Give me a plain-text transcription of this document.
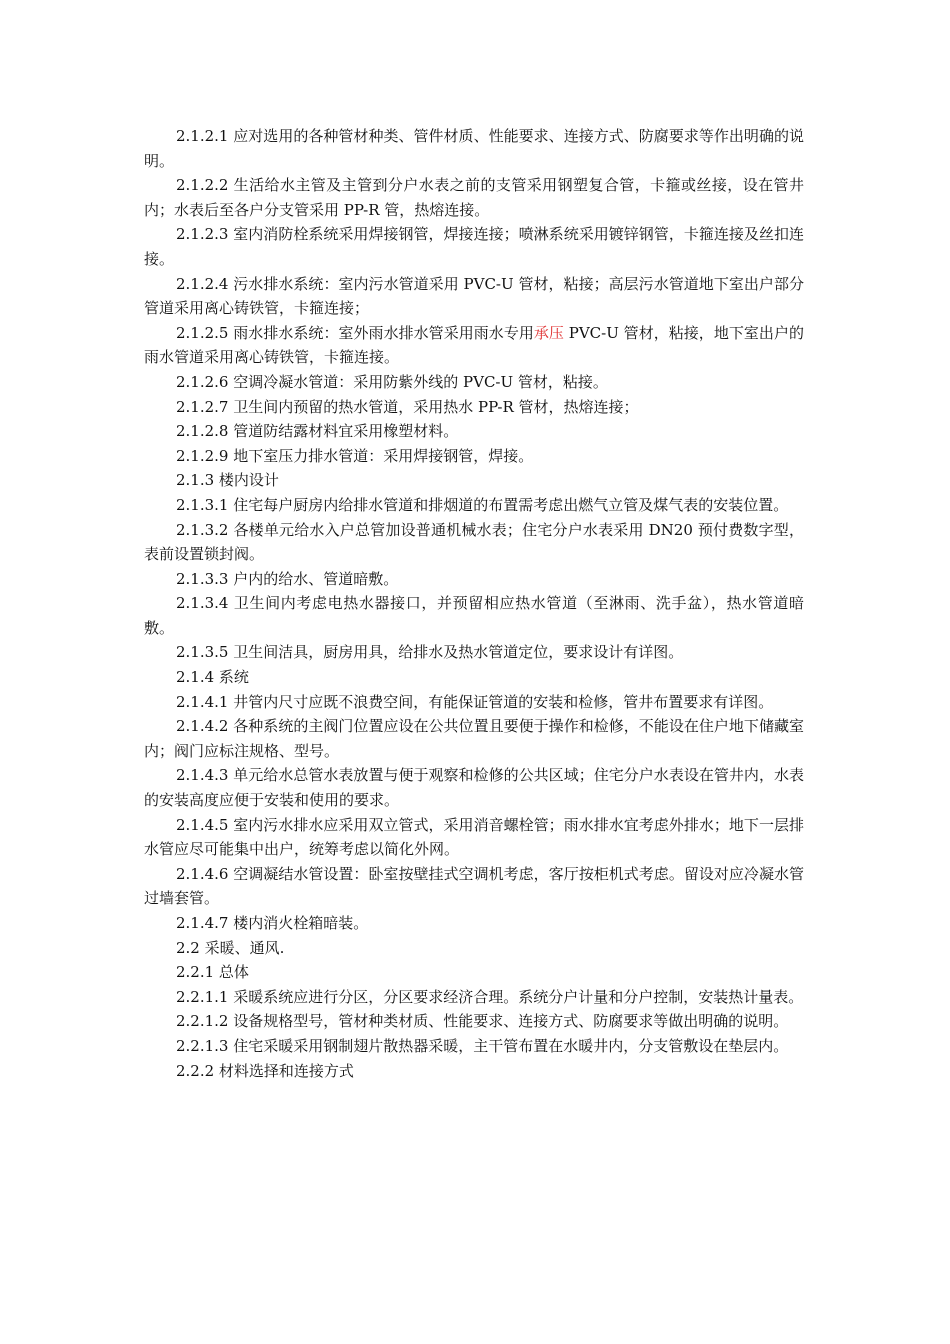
2.1.2.1 应对选用的各种管材种类、管件材质、性能要求、连接方式、防腐要求等作出明确的说明。

2.1.2.2 生活给水主管及主管到分户水表之前的支管采用钢塑复合管，卡箍或丝接，设在管井内；水表后至各户分支管采用 PP-R 管，热熔连接。

2.1.2.3 室内消防栓系统采用焊接钢管，焊接连接；喷淋系统采用镀锌钢管，卡箍连接及丝扣连接。

2.1.2.4 污水排水系统：室内污水管道采用 PVC-U 管材，粘接；高层污水管道地下室出户部分管道采用离心铸铁管，卡箍连接；

2.1.2.5 雨水排水系统：室外雨水排水管采用雨水专用承压 PVC-U 管材，粘接，地下室出户的雨水管道采用离心铸铁管，卡箍连接。

2.1.2.6 空调冷凝水管道：采用防紫外线的 PVC-U 管材，粘接。

2.1.2.7 卫生间内预留的热水管道，采用热水 PP-R 管材，热熔连接；

2.1.2.8 管道防结露材料宜采用橡塑材料。

2.1.2.9 地下室压力排水管道：采用焊接钢管，焊接。

2.1.3 楼内设计

2.1.3.1 住宅每户厨房内给排水管道和排烟道的布置需考虑出燃气立管及煤气表的安装位置。

2.1.3.2 各楼单元给水入户总管加设普通机械水表；住宅分户水表采用 DN20 预付费数字型，表前设置锁封阀。

2.1.3.3 户内的给水、管道暗敷。

2.1.3.4 卫生间内考虑电热水器接口，并预留相应热水管道（至淋雨、洗手盆），热水管道暗敷。

2.1.3.5 卫生间洁具，厨房用具，给排水及热水管道定位，要求设计有详图。

2.1.4 系统

2.1.4.1 井管内尺寸应既不浪费空间，有能保证管道的安装和检修，管井布置要求有详图。

2.1.4.2 各种系统的主阀门位置应设在公共位置且要便于操作和检修，不能设在住户地下储藏室内；阀门应标注规格、型号。

2.1.4.3 单元给水总管水表放置与便于观察和检修的公共区域；住宅分户水表设在管井内，水表的安装高度应便于安装和使用的要求。

2.1.4.5 室内污水排水应采用双立管式，采用消音螺栓管；雨水排水宜考虑外排水；地下一层排水管应尽可能集中出户，统筹考虑以简化外网。

2.1.4.6 空调凝结水管设置：卧室按壁挂式空调机考虑，客厅按柜机式考虑。留设对应冷凝水管过墙套管。

2.1.4.7 楼内消火栓箱暗装。

2.2 采暖、通风.

2.2.1 总体

2.2.1.1 采暖系统应进行分区，分区要求经济合理。系统分户计量和分户控制，安装热计量表。

2.2.1.2 设备规格型号，管材种类材质、性能要求、连接方式、防腐要求等做出明确的说明。

2.2.1.3 住宅采暖采用钢制翅片散热器采暖，主干管布置在水暖井内，分支管敷设在垫层内。

2.2.2 材料选择和连接方式
